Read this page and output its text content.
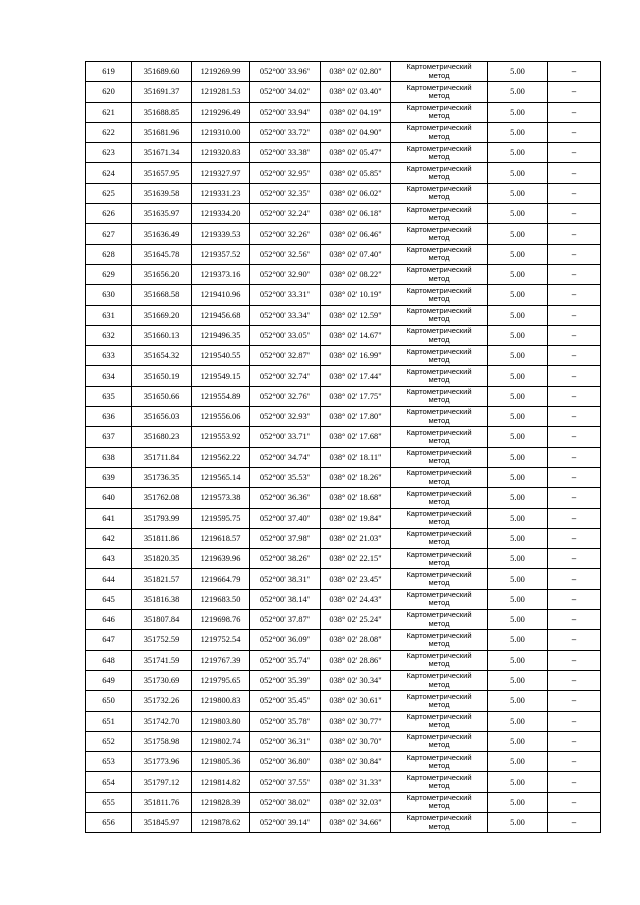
619	351689.60	1219269.99	052°00' 33.96"	038° 02' 02.80"	Картометрический
метод	5.00	–
620	351691.37	1219281.53	052°00' 34.02"	038° 02' 03.40"	Картометрический
метод	5.00	–
621	351688.85	1219296.49	052°00' 33.94"	038° 02' 04.19"	Картометрический
метод	5.00	–
622	351681.96	1219310.00	052°00' 33.72"	038° 02' 04.90"	Картометрический
метод	5.00	–
623	351671.34	1219320.83	052°00' 33.38"	038° 02' 05.47"	Картометрический
метод	5.00	–
624	351657.95	1219327.97	052°00' 32.95"	038° 02' 05.85"	Картометрический
метод	5.00	–
625	351639.58	1219331.23	052°00' 32.35"	038° 02' 06.02"	Картометрический
метод	5.00	–
626	351635.97	1219334.20	052°00' 32.24"	038° 02' 06.18"	Картометрический
метод	5.00	–
627	351636.49	1219339.53	052°00' 32.26"	038° 02' 06.46"	Картометрический
метод	5.00	–
628	351645.78	1219357.52	052°00' 32.56"	038° 02' 07.40"	Картометрический
метод	5.00	–
629	351656.20	1219373.16	052°00' 32.90"	038° 02' 08.22"	Картометрический
метод	5.00	–
630	351668.58	1219410.96	052°00' 33.31"	038° 02' 10.19"	Картометрический
метод	5.00	–
631	351669.20	1219456.68	052°00' 33.34"	038° 02' 12.59"	Картометрический
метод	5.00	–
632	351660.13	1219496.35	052°00' 33.05"	038° 02' 14.67"	Картометрический
метод	5.00	–
633	351654.32	1219540.55	052°00' 32.87"	038° 02' 16.99"	Картометрический
метод	5.00	–
634	351650.19	1219549.15	052°00' 32.74"	038° 02' 17.44"	Картометрический
метод	5.00	–
635	351650.66	1219554.89	052°00' 32.76"	038° 02' 17.75"	Картометрический
метод	5.00	–
636	351656.03	1219556.06	052°00' 32.93"	038° 02' 17.80"	Картометрический
метод	5.00	–
637	351680.23	1219553.92	052°00' 33.71"	038° 02' 17.68"	Картометрический
метод	5.00	–
638	351711.84	1219562.22	052°00' 34.74"	038° 02' 18.11"	Картометрический
метод	5.00	–
639	351736.35	1219565.14	052°00' 35.53"	038° 02' 18.26"	Картометрический
метод	5.00	–
640	351762.08	1219573.38	052°00' 36.36"	038° 02' 18.68"	Картометрический
метод	5.00	–
641	351793.99	1219595.75	052°00' 37.40"	038° 02' 19.84"	Картометрический
метод	5.00	–
642	351811.86	1219618.57	052°00' 37.98"	038° 02' 21.03"	Картометрический
метод	5.00	–
643	351820.35	1219639.96	052°00' 38.26"	038° 02' 22.15"	Картометрический
метод	5.00	–
644	351821.57	1219664.79	052°00' 38.31"	038° 02' 23.45"	Картометрический
метод	5.00	–
645	351816.38	1219683.50	052°00' 38.14"	038° 02' 24.43"	Картометрический
метод	5.00	–
646	351807.84	1219698.76	052°00' 37.87"	038° 02' 25.24"	Картометрический
метод	5.00	–
647	351752.59	1219752.54	052°00' 36.09"	038° 02' 28.08"	Картометрический
метод	5.00	–
648	351741.59	1219767.39	052°00' 35.74"	038° 02' 28.86"	Картометрический
метод	5.00	–
649	351730.69	1219795.65	052°00' 35.39"	038° 02' 30.34"	Картометрический
метод	5.00	–
650	351732.26	1219800.83	052°00' 35.45"	038° 02' 30.61"	Картометрический
метод	5.00	–
651	351742.70	1219803.80	052°00' 35.78"	038° 02' 30.77"	Картометрический
метод	5.00	–
652	351758.98	1219802.74	052°00' 36.31"	038° 02' 30.70"	Картометрический
метод	5.00	–
653	351773.96	1219805.36	052°00' 36.80"	038° 02' 30.84"	Картометрический
метод	5.00	–
654	351797.12	1219814.82	052°00' 37.55"	038° 02' 31.33"	Картометрический
метод	5.00	–
655	351811.76	1219828.39	052°00' 38.02"	038° 02' 32.03"	Картометрический
метод	5.00	–
656	351845.97	1219878.62	052°00' 39.14"	038° 02' 34.66"	Картометрический
метод	5.00	–
